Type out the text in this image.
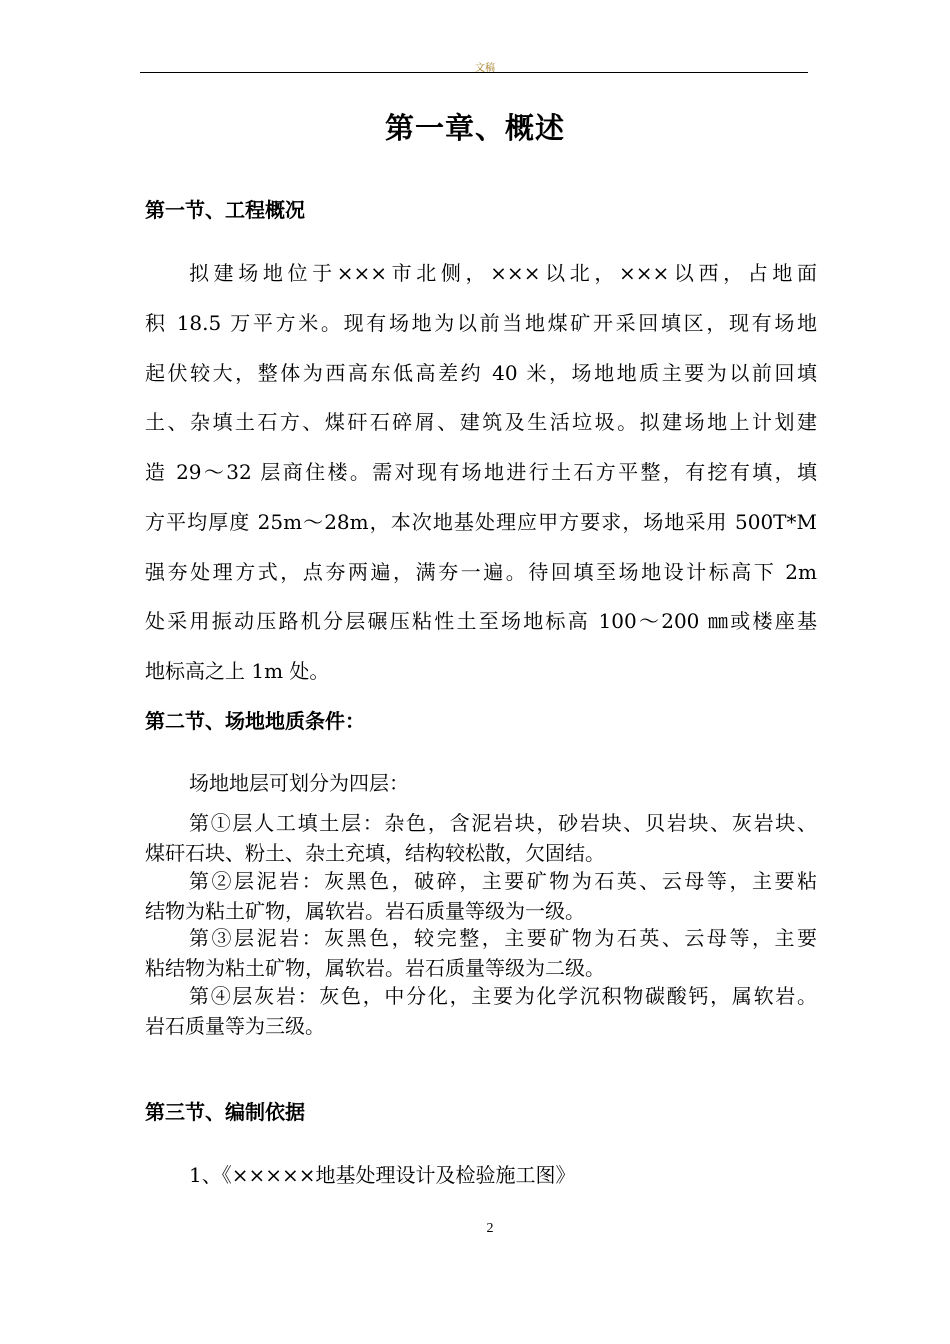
文稿
第一章、概述
第一节、工程概况
拟建场地位于×××市北侧，×××以北，×××以西，占地面
积 18.5 万平方米。现有场地为以前当地煤矿开采回填区，现有场地
起伏较大，整体为西高东低高差约 40 米，场地地质主要为以前回填
土、杂填土石方、煤矸石碎屑、建筑及生活垃圾。拟建场地上计划建
造 29～32 层商住楼。需对现有场地进行土石方平整，有挖有填，填
方平均厚度 25m～28m，本次地基处理应甲方要求，场地采用 500T*M
强夯处理方式，点夯两遍，满夯一遍。待回填至场地设计标高下 2m
处采用振动压路机分层碾压粘性土至场地标高 100～200 ㎜或楼座基
地标高之上 1m 处。
第二节、场地地质条件：
场地地层可划分为四层：
第①层人工填土层：杂色，含泥岩块，砂岩块、贝岩块、灰岩块、
煤矸石块、粉土、杂土充填，结构较松散，欠固结。
第②层泥岩：灰黑色，破碎，主要矿物为石英、云母等，主要粘
结物为粘土矿物，属软岩。岩石质量等级为一级。
第③层泥岩：灰黑色，较完整，主要矿物为石英、云母等，主要
粘结物为粘土矿物，属软岩。岩石质量等级为二级。
第④层灰岩：灰色，中分化，主要为化学沉积物碳酸钙，属软岩。
岩石质量等为三级。
第三节、编制依据
1、《×××××地基处理设计及检验施工图》
2
